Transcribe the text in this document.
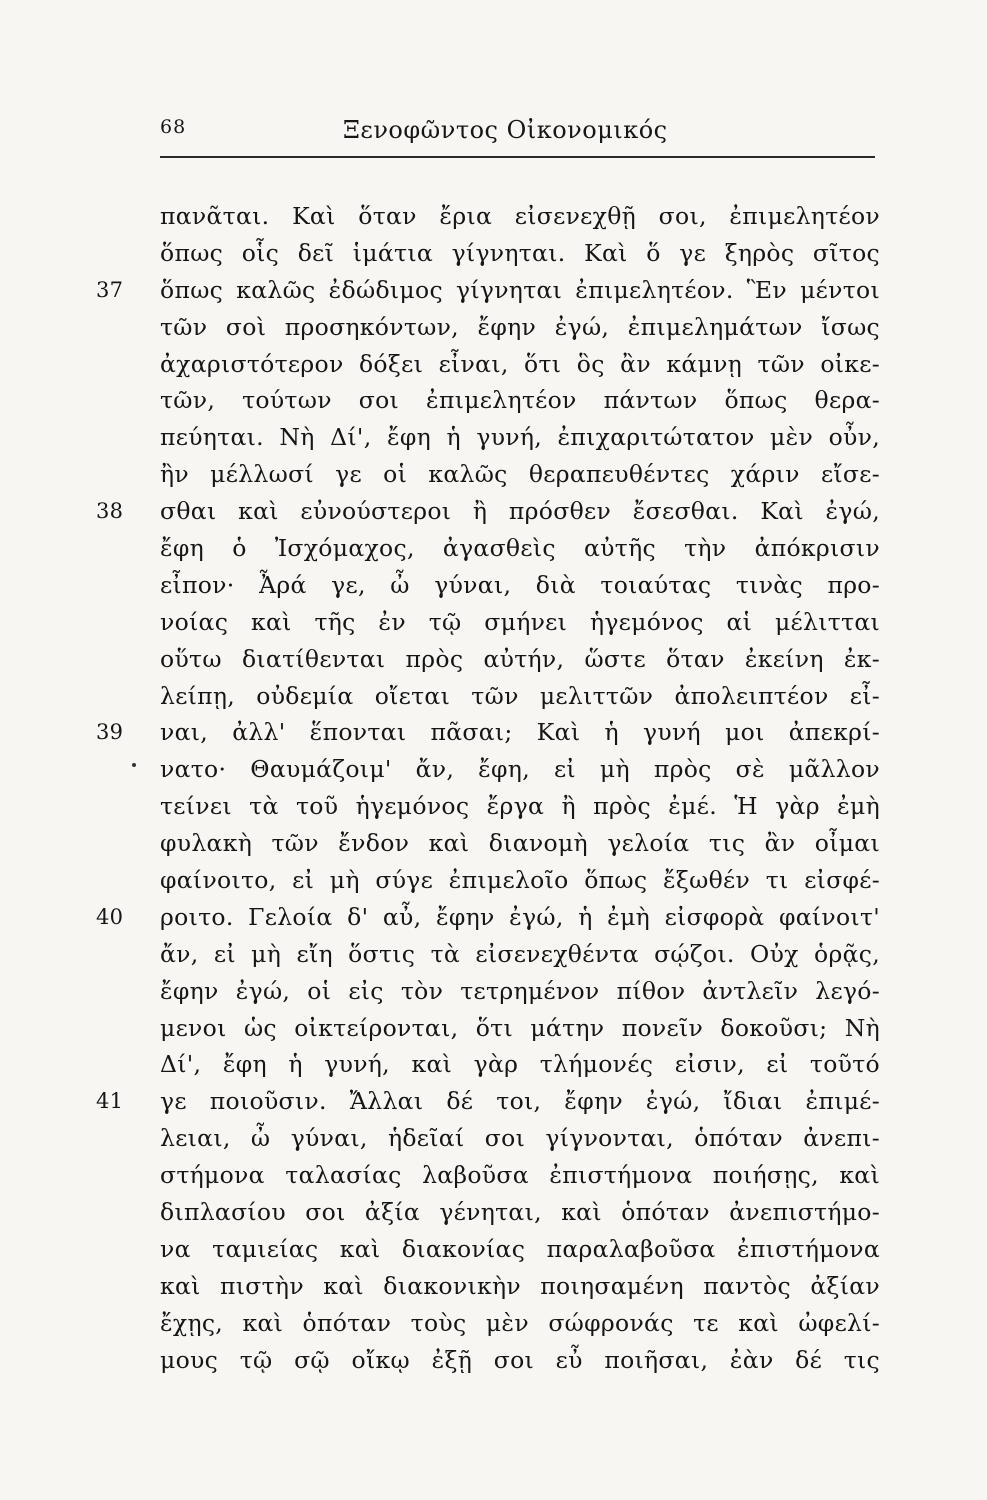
68	Ξενοφῶντος Οἰκονομικός
πανᾶται. Καὶ ὅταν ἔρια εἰσενεχθῇ σοι, ἐπιμελητέον
ὅπως οἷς δεῖ ἱμάτια γίγνηται. Καὶ ὅ γε ξηρὸς σῖτος
ὅπως καλῶς ἐδώδιμος γίγνηται ἐπιμελητέον. Ἓν μέντοι
37
τῶν σοὶ προσηκόντων, ἔφην ἐγώ, ἐπιμελημάτων ἴσως
ἀχαριστότερον δόξει εἶναι, ὅτι ὃς ἂν κάμνῃ τῶν οἰκε-
τῶν, τούτων σοι ἐπιμελητέον πάντων ὅπως θερα-
πεύηται. Νὴ Δί', ἔφη ἡ γυνή, ἐπιχαριτώτατον μὲν οὖν,
ἢν μέλλωσί γε οἱ καλῶς θεραπευθέντες χάριν εἴσε-
σθαι καὶ εὐνούστεροι ἢ πρόσθεν ἔσεσθαι. Καὶ ἐγώ,
38
ἔφη ὁ Ἰσχόμαχος, ἀγασθεὶς αὐτῆς τὴν ἀπόκρισιν
εἶπον· Ἆρά γε, ὦ γύναι, διὰ τοιαύτας τινὰς προ-
νοίας καὶ τῆς ἐν τῷ σμήνει ἡγεμόνος αἱ μέλιτται
οὕτω διατίθενται πρὸς αὐτήν, ὥστε ὅταν ἐκείνη ἐκ-
λείπῃ, οὐδεμία οἴεται τῶν μελιττῶν ἀπολειπτέον εἶ-
ναι, ἀλλ' ἕπονται πᾶσαι; Καὶ ἡ γυνή μοι ἀπεκρί-
39
νατο· Θαυμάζοιμ' ἄν, ἔφη, εἰ μὴ πρὸς σὲ μᾶλλον
τείνει τὰ τοῦ ἡγεμόνος ἔργα ἢ πρὸς ἐμέ. Ἡ γὰρ ἐμὴ
φυλακὴ τῶν ἔνδον καὶ διανομὴ γελοία τις ἂν οἶμαι
φαίνοιτο, εἰ μὴ σύγε ἐπιμελοῖο ὅπως ἔξωθέν τι εἰσφέ-
ροιτο. Γελοία δ' αὖ, ἔφην ἐγώ, ἡ ἐμὴ εἰσφορὰ φαίνοιτ'
40
ἄν, εἰ μὴ εἴη ὅστις τὰ εἰσενεχθέντα σῴζοι. Οὐχ ὁρᾷς,
ἔφην ἐγώ, οἱ εἰς τὸν τετρημένον πίθον ἀντλεῖν λεγό-
μενοι ὡς οἰκτείρονται, ὅτι μάτην πονεῖν δοκοῦσι; Νὴ
Δί', ἔφη ἡ γυνή, καὶ γὰρ τλήμονές εἰσιν, εἰ τοῦτό
γε ποιοῦσιν. Ἄλλαι δέ τοι, ἔφην ἐγώ, ἴδιαι ἐπιμέ-
41
λειαι, ὦ γύναι, ἡδεῖαί σοι γίγνονται, ὁπόταν ἀνεπι-
στήμονα ταλασίας λαβοῦσα ἐπιστήμονα ποιήσῃς, καὶ
διπλασίου σοι ἀξία γένηται, καὶ ὁπόταν ἀνεπιστήμο-
να ταμιείας καὶ διακονίας παραλαβοῦσα ἐπιστήμονα
καὶ πιστὴν καὶ διακονικὴν ποιησαμένη παντὸς ἀξίαν
ἔχῃς, καὶ ὁπόταν τοὺς μὲν σώφρονάς τε καὶ ὠφελί-
μους τῷ σῷ οἴκῳ ἐξῇ σοι εὖ ποιῆσαι, ἐὰν δέ τις
